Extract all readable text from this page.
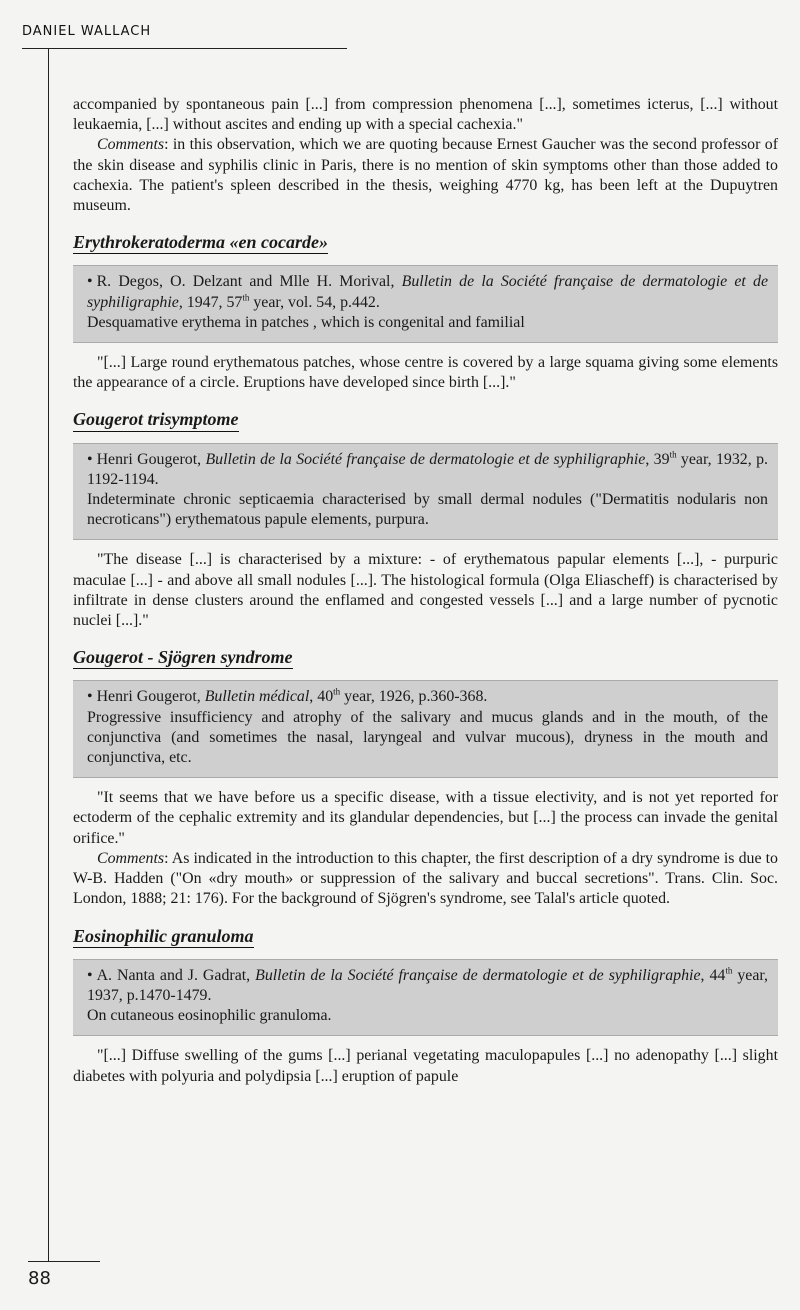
DANIEL WALLACH

accompanied by spontaneous pain [...] from compression phenomena [...], sometimes icterus, [...] without leukaemia, [...] without ascites and ending up with a special cachexia."

Comments: in this observation, which we are quoting because Ernest Gaucher was the second professor of the skin disease and syphilis clinic in Paris, there is no mention of skin symptoms other than those added to cachexia. The patient's spleen described in the thesis, weighing 4770 kg, has been left at the Dupuytren museum.

Erythrokeratoderma «en cocarde»
• R. Degos, O. Delzant and Mlle H. Morival, Bulletin de la Société française de dermatologie et de syphiligraphie, 1947, 57th year, vol. 54, p.442.
Desquamative erythema in patches , which is congenital and familial

"[...] Large round erythematous patches, whose centre is covered by a large squama giving some elements the appearance of a circle. Eruptions have developed since birth [...]."

Gougerot trisymptome
• Henri Gougerot, Bulletin de la Société française de dermatologie et de syphiligraphie, 39th year, 1932, p. 1192-1194.
Indeterminate chronic septicaemia characterised by small dermal nodules ("Dermatitis nodularis non necroticans") erythematous papule elements, purpura.

"The disease [...] is characterised by a mixture: - of erythematous papular elements [...], - purpuric maculae [...] - and above all small nodules [...]. The histological formula (Olga Eliascheff) is characterised by infiltrate in dense clusters around the enflamed and congested vessels [...] and a large number of pycnotic nuclei [...]."

Gougerot - Sjögren syndrome
• Henri Gougerot, Bulletin médical, 40th year, 1926, p.360-368.
Progressive insufficiency and atrophy of the salivary and mucus glands and in the mouth, of the conjunctiva (and sometimes the nasal, laryngeal and vulvar mucous), dryness in the mouth and conjunctiva, etc.

"It seems that we have before us a specific disease, with a tissue electivity, and is not yet reported for ectoderm of the cephalic extremity and its glandular dependencies, but [...] the process can invade the genital orifice."

Comments: As indicated in the introduction to this chapter, the first description of a dry syndrome is due to W-B. Hadden ("On «dry mouth» or suppression of the salivary and buccal secretions". Trans. Clin. Soc. London, 1888; 21: 176). For the background of Sjögren's syndrome, see Talal's article quoted.

Eosinophilic granuloma
• A. Nanta and J. Gadrat, Bulletin de la Société française de dermatologie et de syphiligraphie, 44th year, 1937, p.1470-1479.
On cutaneous eosinophilic granuloma.

"[...] Diffuse swelling of the gums [...] perianal vegetating maculopapules [...] no adenopathy [...] slight diabetes with polyuria and polydipsia [...] eruption of papule

88
